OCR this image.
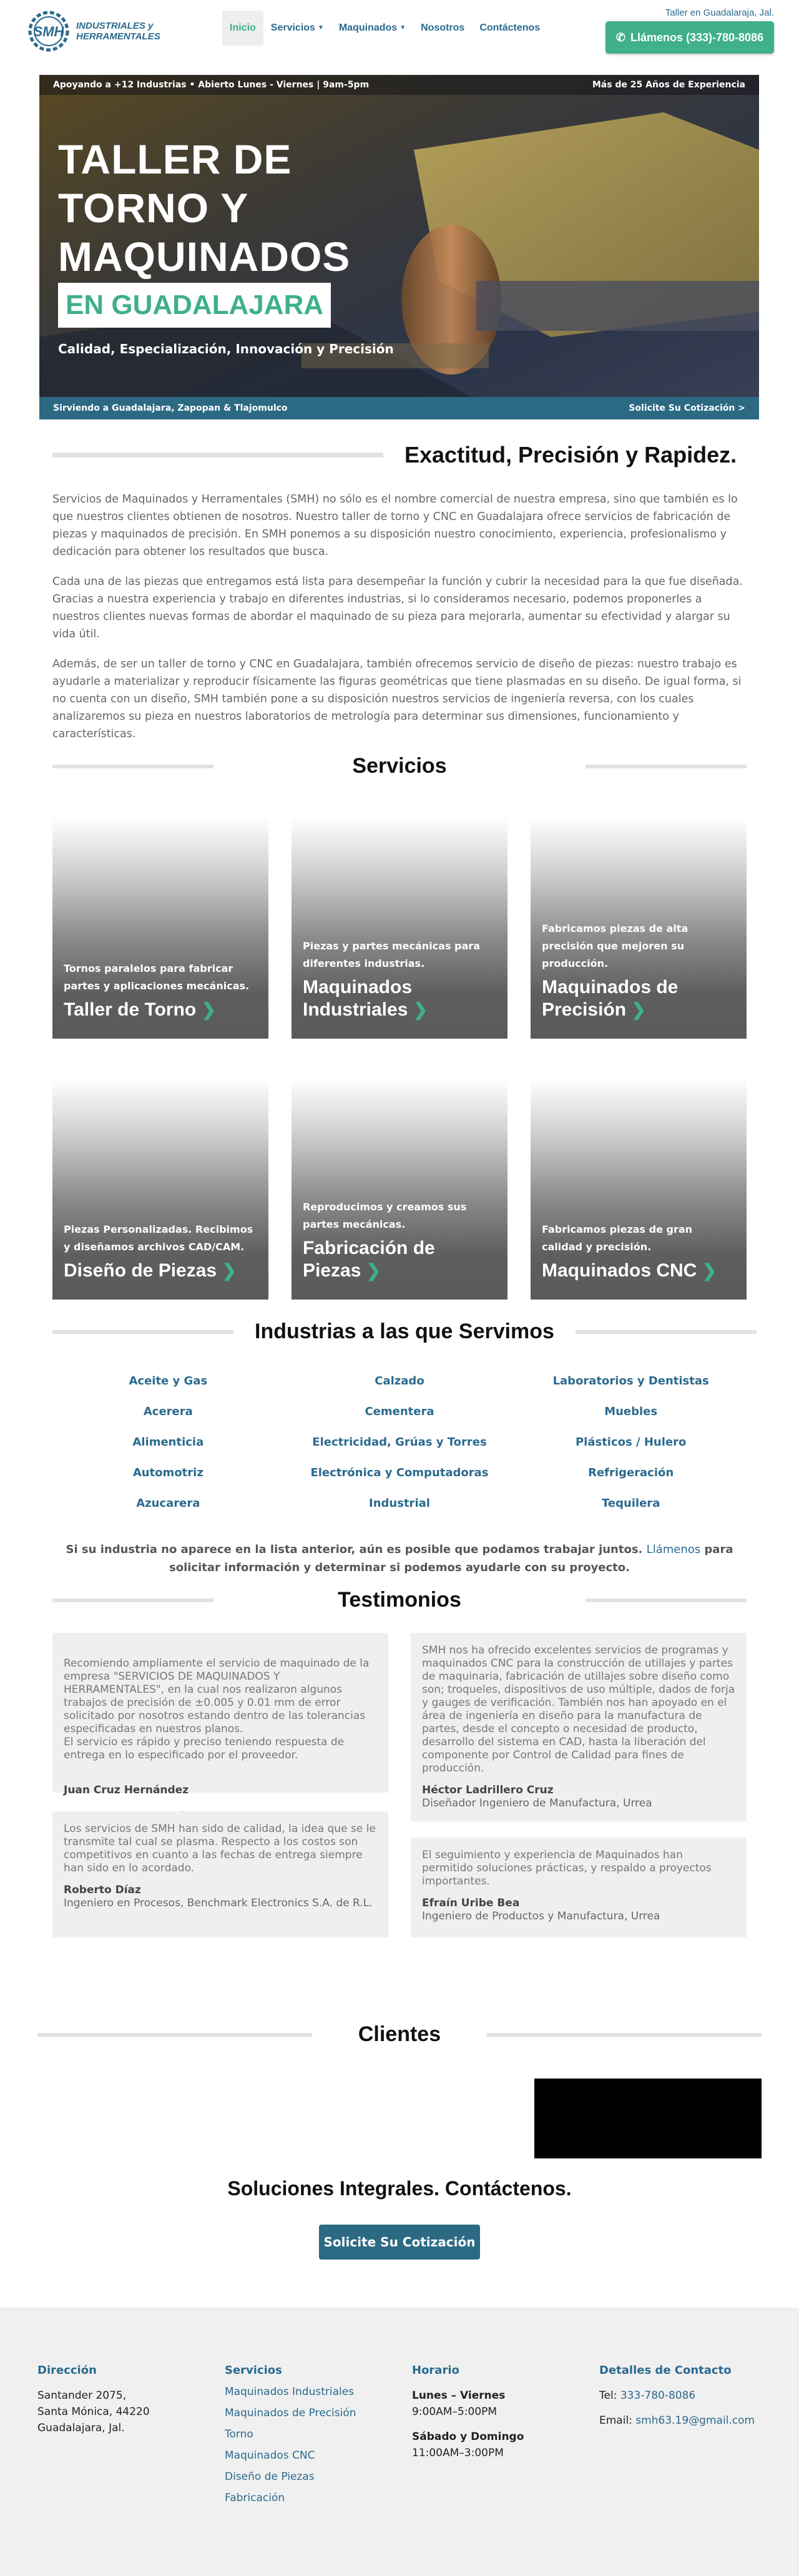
SMH INDUSTRIALES y
HERRAMENTALES
Inicio Servicios ▼ Maquinados ▼ Nosotros Contáctenos
Taller en Guadalaraja, Jal.
✆ Llámenos (333)-780-8086
Apoyando a +12 Industrias • Abierto Lunes - Viernes | 9am-5pm	Más de 25 Años de Experiencia
TALLER DE
TORNO Y
MAQUINADOS
EN GUADALAJARA
Calidad, Especialización, Innovación y Precisión
Sirviendo a Guadalajara, Zapopan & Tlajomulco	Solicite Su Cotización >
Exactitud, Precisión y Rapidez.
Servicios de Maquinados y Herramentales (SMH) no sólo es el nombre comercial de nuestra empresa, sino que también es lo que nuestros clientes obtienen de nosotros. Nuestro taller de torno y CNC en Guadalajara ofrece servicios de fabricación de piezas y maquinados de precisión. En SMH ponemos a su disposición nuestro conocimiento, experiencia, profesionalismo y dedicación para obtener los resultados que busca.
Cada una de las piezas que entregamos está lista para desempeñar la función y cubrir la necesidad para la que fue diseñada. Gracias a nuestra experiencia y trabajo en diferentes industrias, si lo consideramos necesario, podemos proponerles a nuestros clientes nuevas formas de abordar el maquinado de su pieza para mejorarla, aumentar su efectividad y alargar su vida útil.
Además, de ser un taller de torno y CNC en Guadalajara, también ofrecemos servicio de diseño de piezas: nuestro trabajo es ayudarle a materializar y reproducir físicamente las figuras geométricas que tiene plasmadas en su diseño. De igual forma, si no cuenta con un diseño, SMH también pone a su disposición nuestros servicios de ingeniería reversa, con los cuales analizaremos su pieza en nuestros laboratorios de metrología para determinar sus dimensiones, funcionamiento y características.
Servicios
Tornos paralelos para fabricar partes y aplicaciones mecánicas.
Taller de Torno ❯
Piezas y partes mecánicas para diferentes industrias.
Maquinados Industriales ❯
Fabricamos piezas de alta precisión que mejoren su producción.
Maquinados de Precisión ❯
Piezas Personalizadas. Recibimos y diseñamos archivos CAD/CAM.
Diseño de Piezas ❯
Reproducimos y creamos sus partes mecánicas.
Fabricación de Piezas ❯
Fabricamos piezas de gran calidad y precisión.
Maquinados CNC ❯
Industrias a las que Servimos
Aceite y Gas	Calzado	Laboratorios y Dentistas
Acerera	Cementera	Muebles
Alimenticia	Electricidad, Grúas y Torres	Plásticos / Hulero
Automotriz	Electrónica y Computadoras	Refrigeración
Azucarera	Industrial	Tequilera
Si su industria no aparece en la lista anterior, aún es posible que podamos trabajar juntos. Llámenos para solicitar información y determinar si podemos ayudarle con su proyecto.
Testimonios

Recomiendo ampliamente el servicio de maquinado de la empresa "SERVICIOS DE MAQUINADOS Y HERRAMENTALES", en la cual nos realizaron algunos trabajos de precisión de ±0.005 y 0.01 mm de error solicitado por nosotros estando dentro de las tolerancias especificadas en nuestros planos.
El servicio es rápido y preciso teniendo respuesta de entrega en lo especificado por el proveedor.

Juan Cruz Hernández

SMH nos ha ofrecido excelentes servicios de programas y maquinados CNC para la construcción de utillajes y partes de maquinaria, fabricación de utillajes sobre diseño como son; troqueles, dispositivos de uso múltiple, dados de forja y gauges de verificación. También nos han apoyado en el área de ingeniería en diseño para la manufactura de partes, desde el concepto o necesidad de producto, desarrollo del sistema en CAD, hasta la liberación del componente por Control de Calidad para fines de producción.
Héctor Ladrillero Cruz
Diseñador Ingeniero de Manufactura, Urrea
Los servicios de SMH han sido de calidad, la idea que se le transmite tal cual se plasma. Respecto a los costos son competitivos en cuanto a las fechas de entrega siempre han sido en lo acordado.
Roberto Díaz
Ingeniero en Procesos, Benchmark Electronics S.A. de R.L.
El seguimiento y experiencia de Maquinados han permitido soluciones prácticas, y respaldo a proyectos importantes.
Efraín Uribe Bea
Ingeniero de Productos y Manufactura, Urrea
Clientes
Soluciones Integrales. Contáctenos.
Solicite Su Cotización
Dirección
Santander 2075,
Santa Mónica, 44220
Guadalajara, Jal.
Servicios
Maquinados Industriales
Maquinados de Precisión
Torno
Maquinados CNC
Diseño de Piezas
Fabricación
Horario
Lunes – Viernes
9:00AM–5:00PM
Sábado y Domingo
11:00AM–3:00PM
Detalles de Contacto
Tel: 333-780-8086
Email: smh63.19@gmail.com
